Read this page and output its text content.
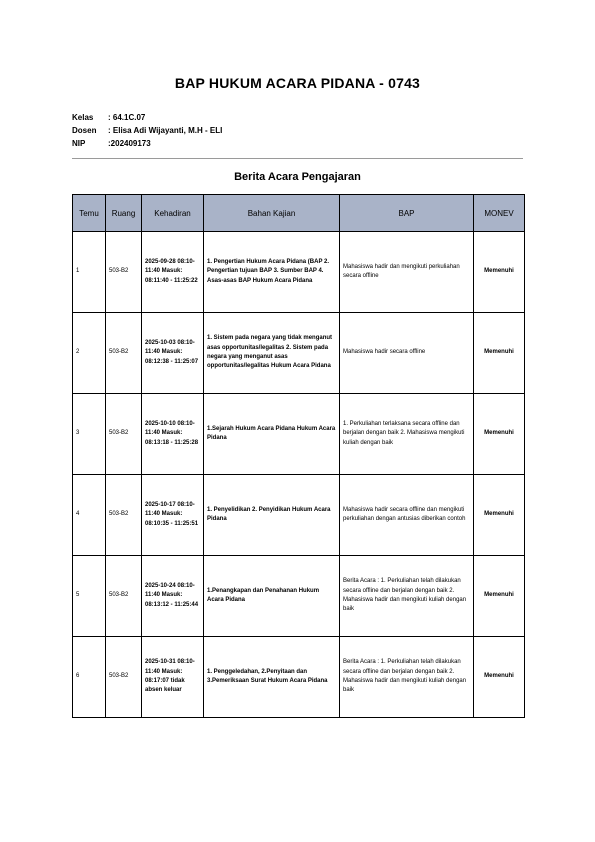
BAP HUKUM ACARA PIDANA - 0743
Kelas : 64.1C.07
Dosen : Elisa Adi Wijayanti, M.H - ELI
NIP	:202409173
Berita Acara Pengajaran
Temu	Ruang	Kehadiran	Bahan Kajian	BAP	MONEV
1	503-B2	2025-09-28 08:10-11:40 Masuk: 08:11:40 - 11:25:22	1. Pengertian Hukum Acara Pidana (BAP 2. Pengertian tujuan BAP 3. Sumber BAP 4. Asas-asas BAP Hukum Acara Pidana	Mahasiswa hadir dan mengikuti perkuliahan secara offline	Memenuhi
2	503-B2	2025-10-03 08:10-11:40 Masuk: 08:12:38 - 11:25:07	1. Sistem pada negara yang tidak menganut asas opportunitas/legalitas 2. Sistem pada negara yang menganut asas opportunitas/legalitas Hukum Acara Pidana	Mahasiswa hadir secara offline	Memenuhi
3	503-B2	2025-10-10 08:10-11:40 Masuk: 08:13:18 - 11:25:28	1.Sejarah Hukum Acara Pidana Hukum Acara Pidana	1. Perkuliahan terlaksana secara offline dan berjalan dengan baik 2. Mahasiswa mengikuti kuliah dengan baik	Memenuhi
4	503-B2	2025-10-17 08:10-11:40 Masuk: 08:10:35 - 11:25:51	1. Penyelidikan 2. Penyidikan Hukum Acara Pidana	Mahasiswa hadir secara offline dan mengikuti perkuliahan dengan antusias diberikan contoh	Memenuhi
5	503-B2	2025-10-24 08:10-11:40 Masuk: 08:13:12 - 11:25:44	1.Penangkapan dan Penahanan Hukum Acara Pidana	Berita Acara : 1. Perkuliahan telah dilakukan secara offline dan berjalan dengan baik 2. Mahasiswa hadir dan mengikuti kuliah dengan baik	Memenuhi
6	503-B2	2025-10-31 08:10-11:40 Masuk: 08:17:07 tidak absen keluar	1. Penggeledahan, 2.Penyitaan dan 3.Pemeriksaan Surat Hukum Acara Pidana	Berita Acara : 1. Perkuliahan telah dilakukan secara offline dan berjalan dengan baik 2. Mahasiswa hadir dan mengikuti kuliah dengan baik	Memenuhi
